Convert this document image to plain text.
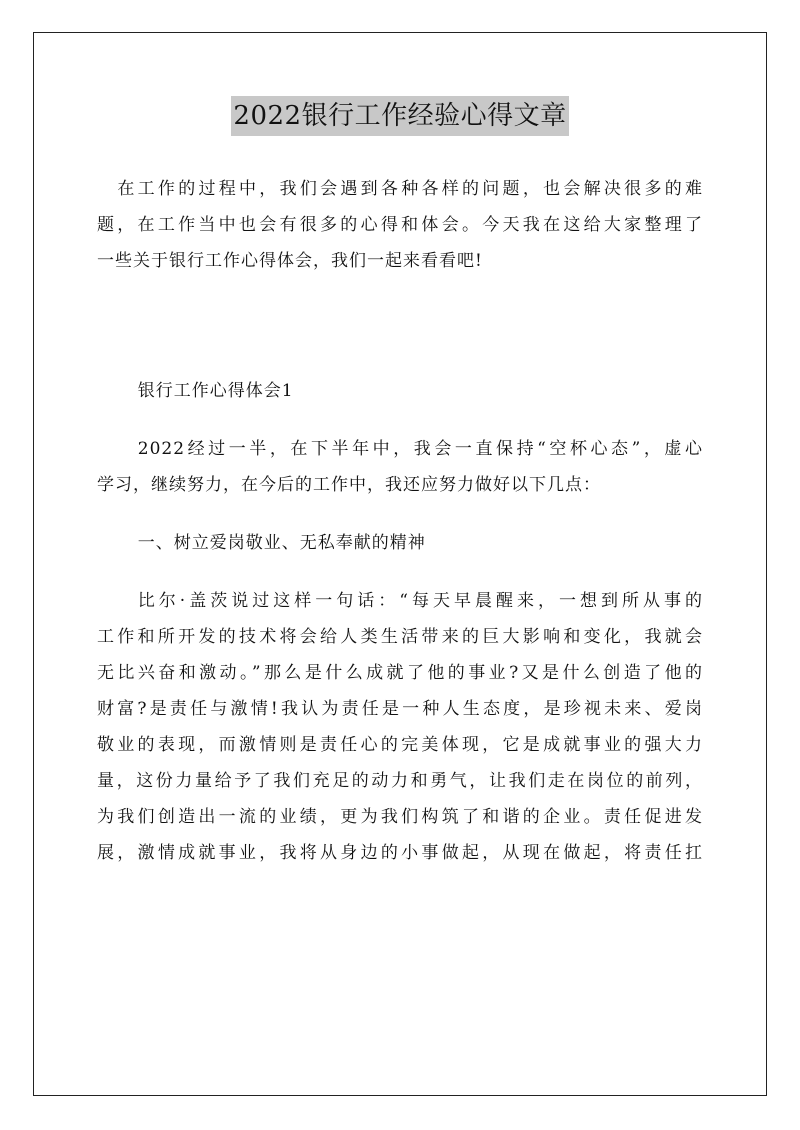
2022银行工作经验心得文章
在工作的过程中，我们会遇到各种各样的问题，也会解决很多的难
题，在工作当中也会有很多的心得和体会。今天我在这给大家整理了
一些关于银行工作心得体会，我们一起来看看吧!

银行工作心得体会1

2022经过一半，在下半年中，我会一直保持“空杯心态”，虚心
学习，继续努力，在今后的工作中，我还应努力做好以下几点：

一、树立爱岗敬业、无私奉献的精神

比尔·盖茨说过这样一句话：“每天早晨醒来，一想到所从事的
工作和所开发的技术将会给人类生活带来的巨大影响和变化，我就会
无比兴奋和激动。”那么是什么成就了他的事业?又是什么创造了他的
财富?是责任与激情!我认为责任是一种人生态度，是珍视未来、爱岗
敬业的表现，而激情则是责任心的完美体现，它是成就事业的强大力
量，这份力量给予了我们充足的动力和勇气，让我们走在岗位的前列，
为我们创造出一流的业绩，更为我们构筑了和谐的企业。责任促进发
展，激情成就事业，我将从身边的小事做起，从现在做起，将责任扛
